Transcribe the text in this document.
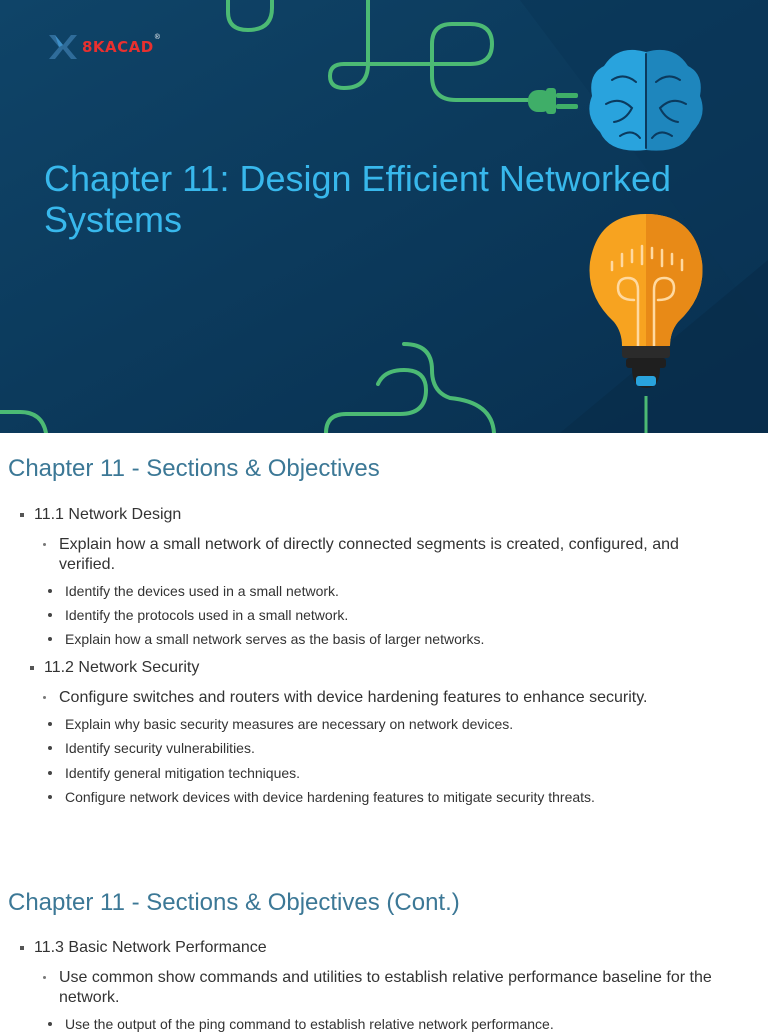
8KACAD
®
Chapter 11: Design Efficient Networked Systems
Chapter 11 - Sections & Objectives
11.1 Network Design
Explain how a small network of directly connected segments is created, configured, and verified.
Identify the devices used in a small network.
Identify the protocols used in a small network.
Explain how a small network serves as the basis of larger networks.
11.2 Network Security
Configure switches and routers with device hardening features to enhance security.
Explain why basic security measures are necessary on network devices.
Identify security vulnerabilities.
Identify general mitigation techniques.
Configure network devices with device hardening features to mitigate security threats.
Chapter 11 - Sections & Objectives (Cont.)
11.3 Basic Network Performance
Use common show commands and utilities to establish relative performance baseline for the network.
Use the output of the ping command to establish relative network performance.
